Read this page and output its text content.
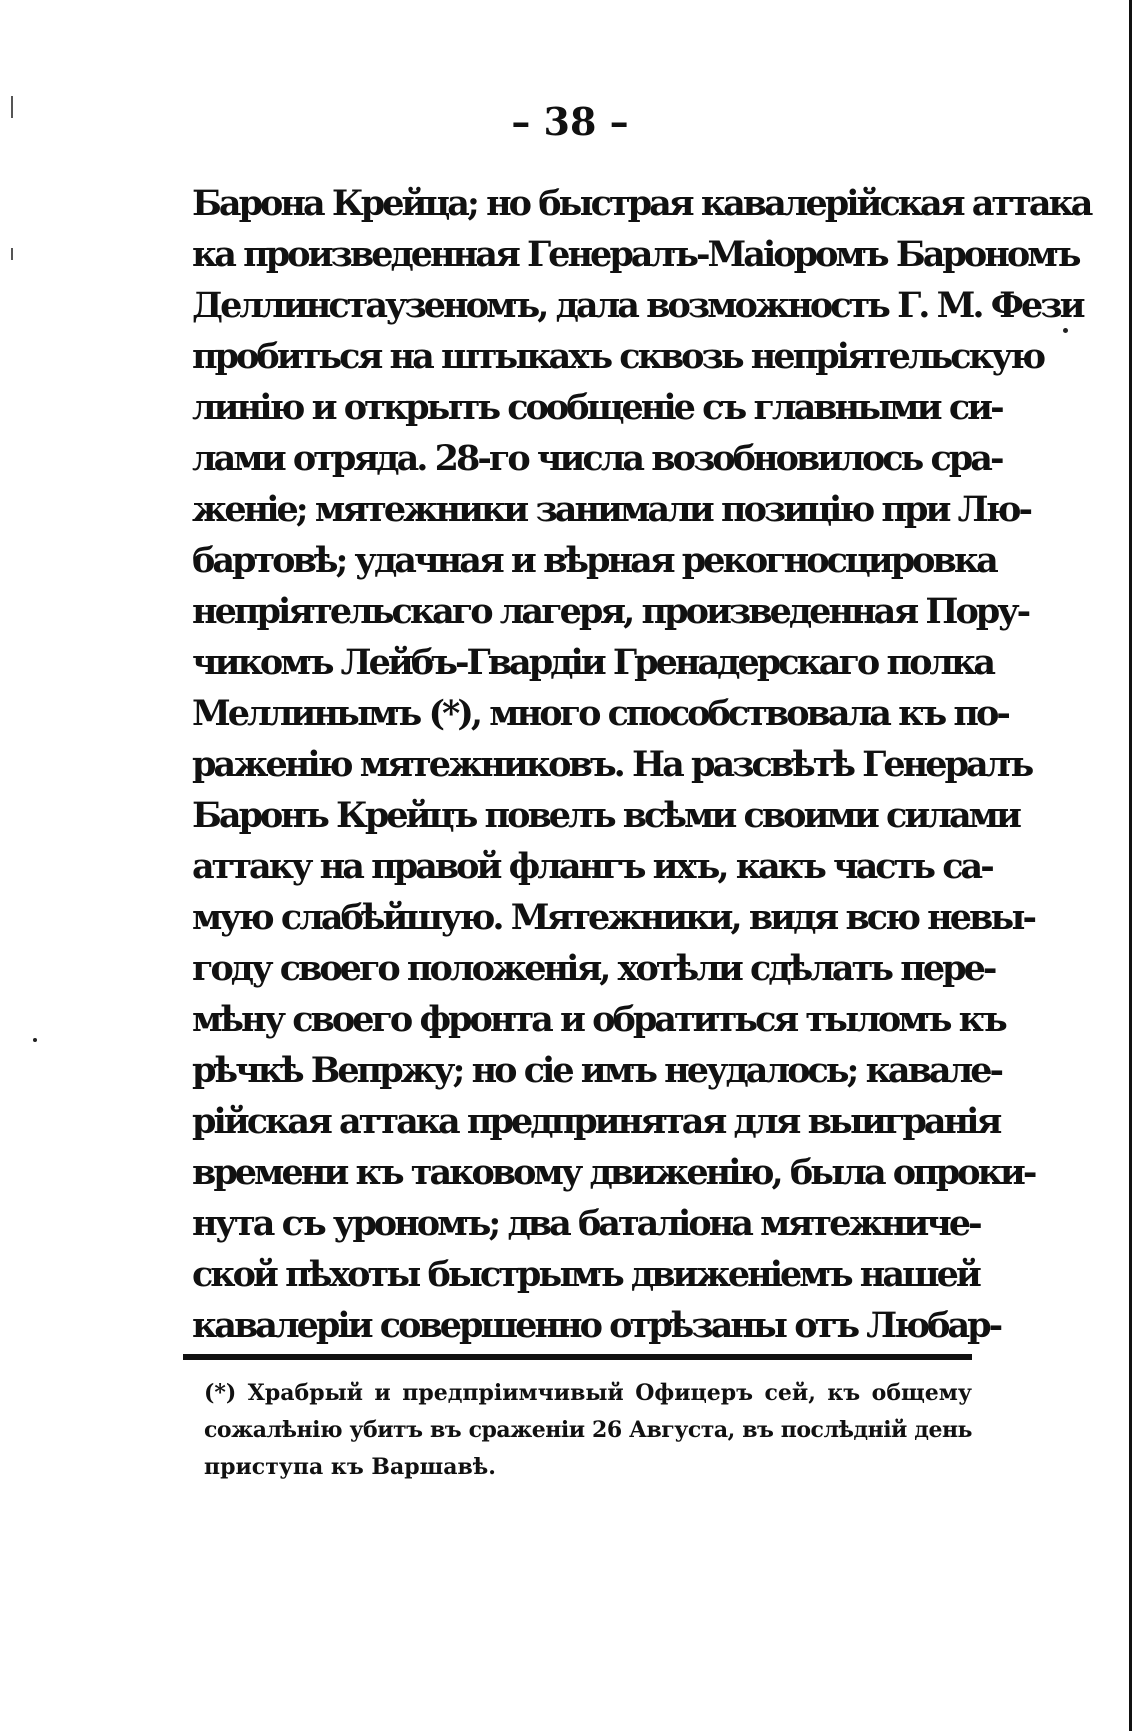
– 38 –
Барона Крейца; но быстрая кавалерійская аттака
ка произведенная Генералъ-Маіоромъ Барономъ
Деллинстаузеномъ, дала возможность Г. М. Фези
пробиться на штыкахъ сквозь непріятельскую
линію и открыть сообщеніе съ главными си-
лами отряда. 28-го числа возобновилось сра-
женіе; мятежники занимали позицію при Лю-
бартовѣ; удачная и вѣрная рекогносцировка
непріятельскаго лагеря, произведенная Пору-
чикомъ Лейбъ-Гвардіи Гренадерскаго полка
Меллинымъ (*), много способствовала къ по-
раженію мятежниковъ. На разсвѣтѣ Генералъ
Баронъ Крейцъ повелъ всѣми своими силами
аттаку на правой флангъ ихъ, какъ часть са-
мую слабѣйшую. Мятежники, видя всю невы-
году своего положенія, хотѣли сдѣлать пере-
мѣну своего фронта и обратиться тыломъ къ
рѣчкѣ Вепржу; но сіе имъ неудалось; кавале-
рійская аттака предпринятая для выигранія
времени къ таковому движенію, была опроки-
нута съ урономъ; два баталіона мятежниче-
ской пѣхоты быстрымъ движеніемъ нашей
кавалеріи совершенно отрѣзаны отъ Любар-
(*) Храбрый и предпріимчивый Офицеръ сей, къ общему
сожалѣнію убитъ въ сраженіи 26 Августа, въ послѣдній день
приступа къ Варшавѣ.
